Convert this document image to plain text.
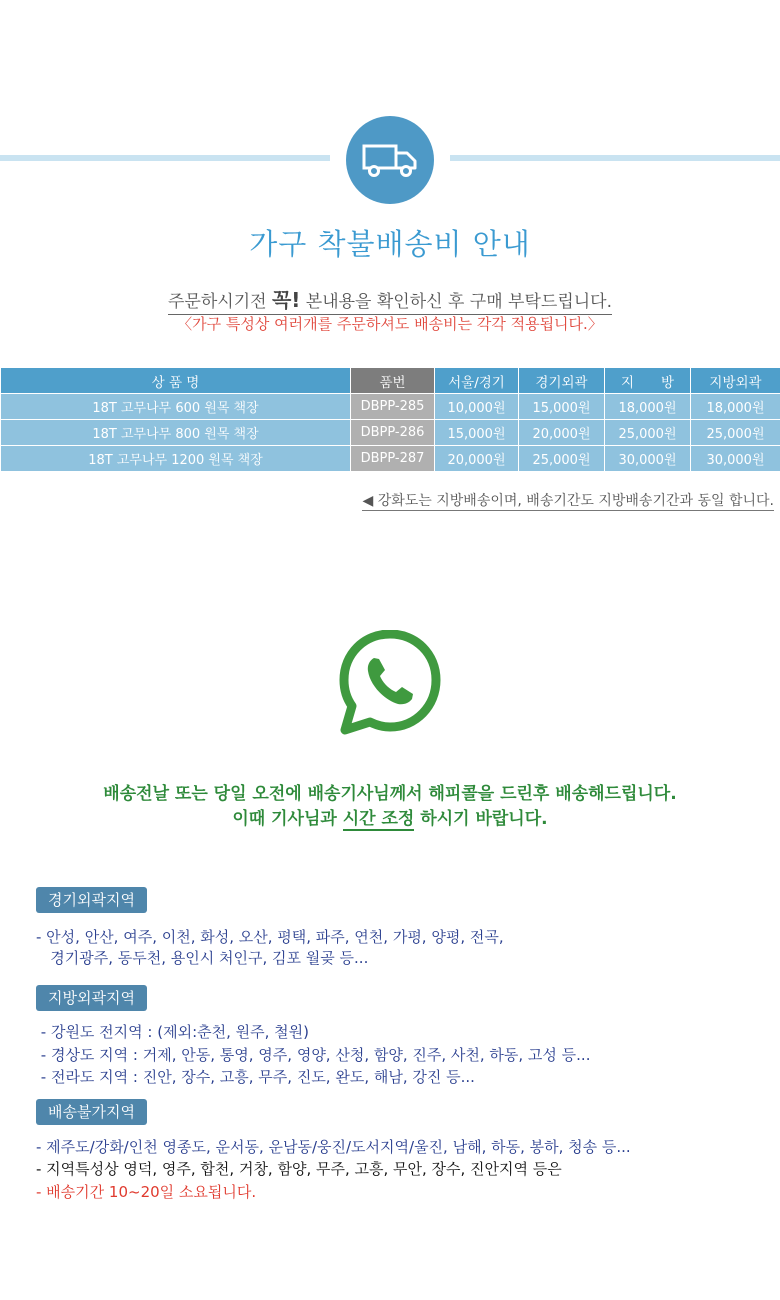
가구 착불배송비 안내
주문하시기전 꼭! 본내용을 확인하신 후 구매 부탁드립니다.
〈가구 특성상 여러개를 주문하셔도 배송비는 각각 적용됩니다.〉
상 품 명	품번	서울/경기	경기외곽	지　　방	지방외곽
18T 고무나무 600 원목 책장	DBPP-285	10,000원	15,000원	18,000원	18,000원
18T 고무나무 800 원목 책장	DBPP-286	15,000원	20,000원	25,000원	25,000원
18T 고무나무 1200 원목 책장	DBPP-287	20,000원	25,000원	30,000원	30,000원
◀ 강화도는 지방배송이며, 배송기간도 지방배송기간과 동일 합니다.
배송전날 또는 당일 오전에 배송기사님께서 해피콜을 드린후 배송해드립니다.
이때 기사님과 시간 조정 하시기 바랍니다.
경기외곽지역
- 안성, 안산, 여주, 이천, 화성, 오산, 평택, 파주, 연천, 가평, 양평, 전곡,
경기광주, 동두천, 용인시 처인구, 김포 월곶 등...
지방외곽지역
- 강원도 전지역 : (제외:춘천, 원주, 철원)
- 경상도 지역 : 거제, 안동, 통영, 영주, 영양, 산청, 함양, 진주, 사천, 하동, 고성 등...
- 전라도 지역 : 진안, 장수, 고흥, 무주, 진도, 완도, 해남, 강진 등...
배송불가지역
- 제주도/강화/인천 영종도, 운서동, 운남동/웅진/도서지역/울진, 남해, 하동, 봉하, 청송 등...
- 지역특성상 영덕, 영주, 합천, 거창, 함양, 무주, 고흥, 무안, 장수, 진안지역 등은
- 배송기간 10~20일 소요됩니다.
